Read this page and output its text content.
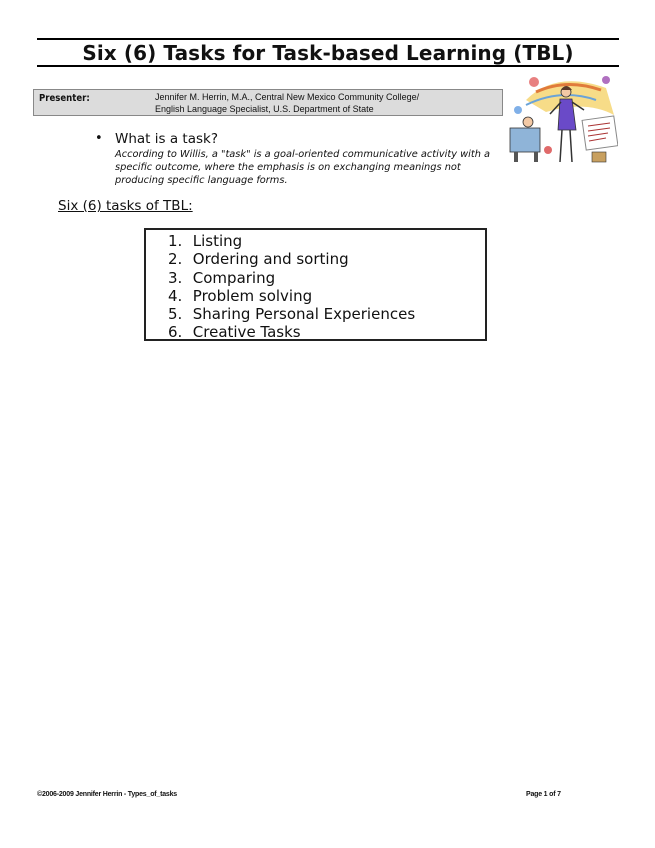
Six (6) Tasks for Task-based Learning (TBL)
Presenter:	Jennifer M. Herrin, M.A., Central New Mexico Community College/
English Language Specialist, U.S. Department of State
• What is a task?
According to Willis, a "task" is a goal-oriented communicative activity with a specific outcome, where the emphasis is on exchanging meanings not producing specific language forms.
Six (6) tasks of TBL:
1. Listing
2. Ordering and sorting
3. Comparing
4. Problem solving
5. Sharing Personal Experiences
6. Creative Tasks
©2006-2009 Jennifer Herrin - Types_of_tasks	Page 1 of 7
